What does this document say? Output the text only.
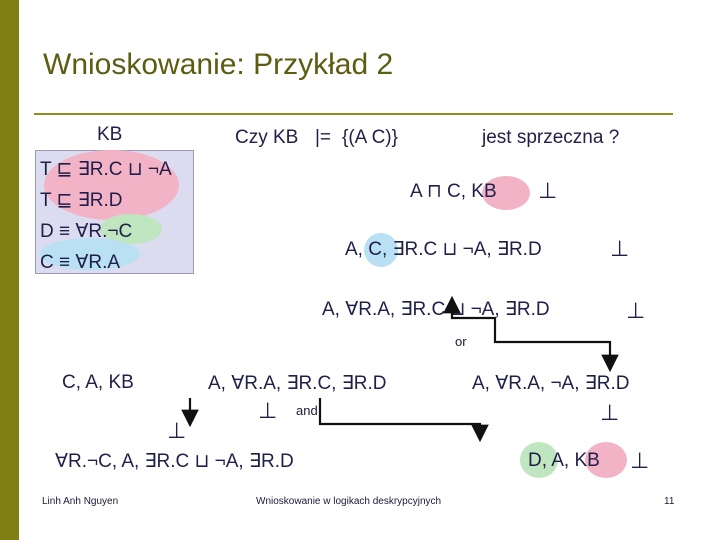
Wnioskowanie: Przykład 2
KB
T ⊑ ∃R.C ⊔ ¬A
T ⊑ ∃R.D
D ≡ ∀R.¬C
C ≡ ∀R.A
Czy KB |= {(A C)}	jest sprzeczna ?
A ⊓ C, KB ⊥
A, C, ∃R.C ⊔ ¬A, ∃R.D	⊥
A, ∀R.A, ∃R.C ⊔ ¬A, ∃R.D	⊥
or
C, A, KB	A, ∀R.A, ∃R.C, ∃R.D
⊥ and
A, ∀R.A, ¬A, ∃R.D
⊥
⊥
∀R.¬C, A, ∃R.C ⊔ ¬A, ∃R.D	D, A, KB ⊥
Linh Anh Nguyen	Wnioskowanie w logikach deskrypcyjnych	11
